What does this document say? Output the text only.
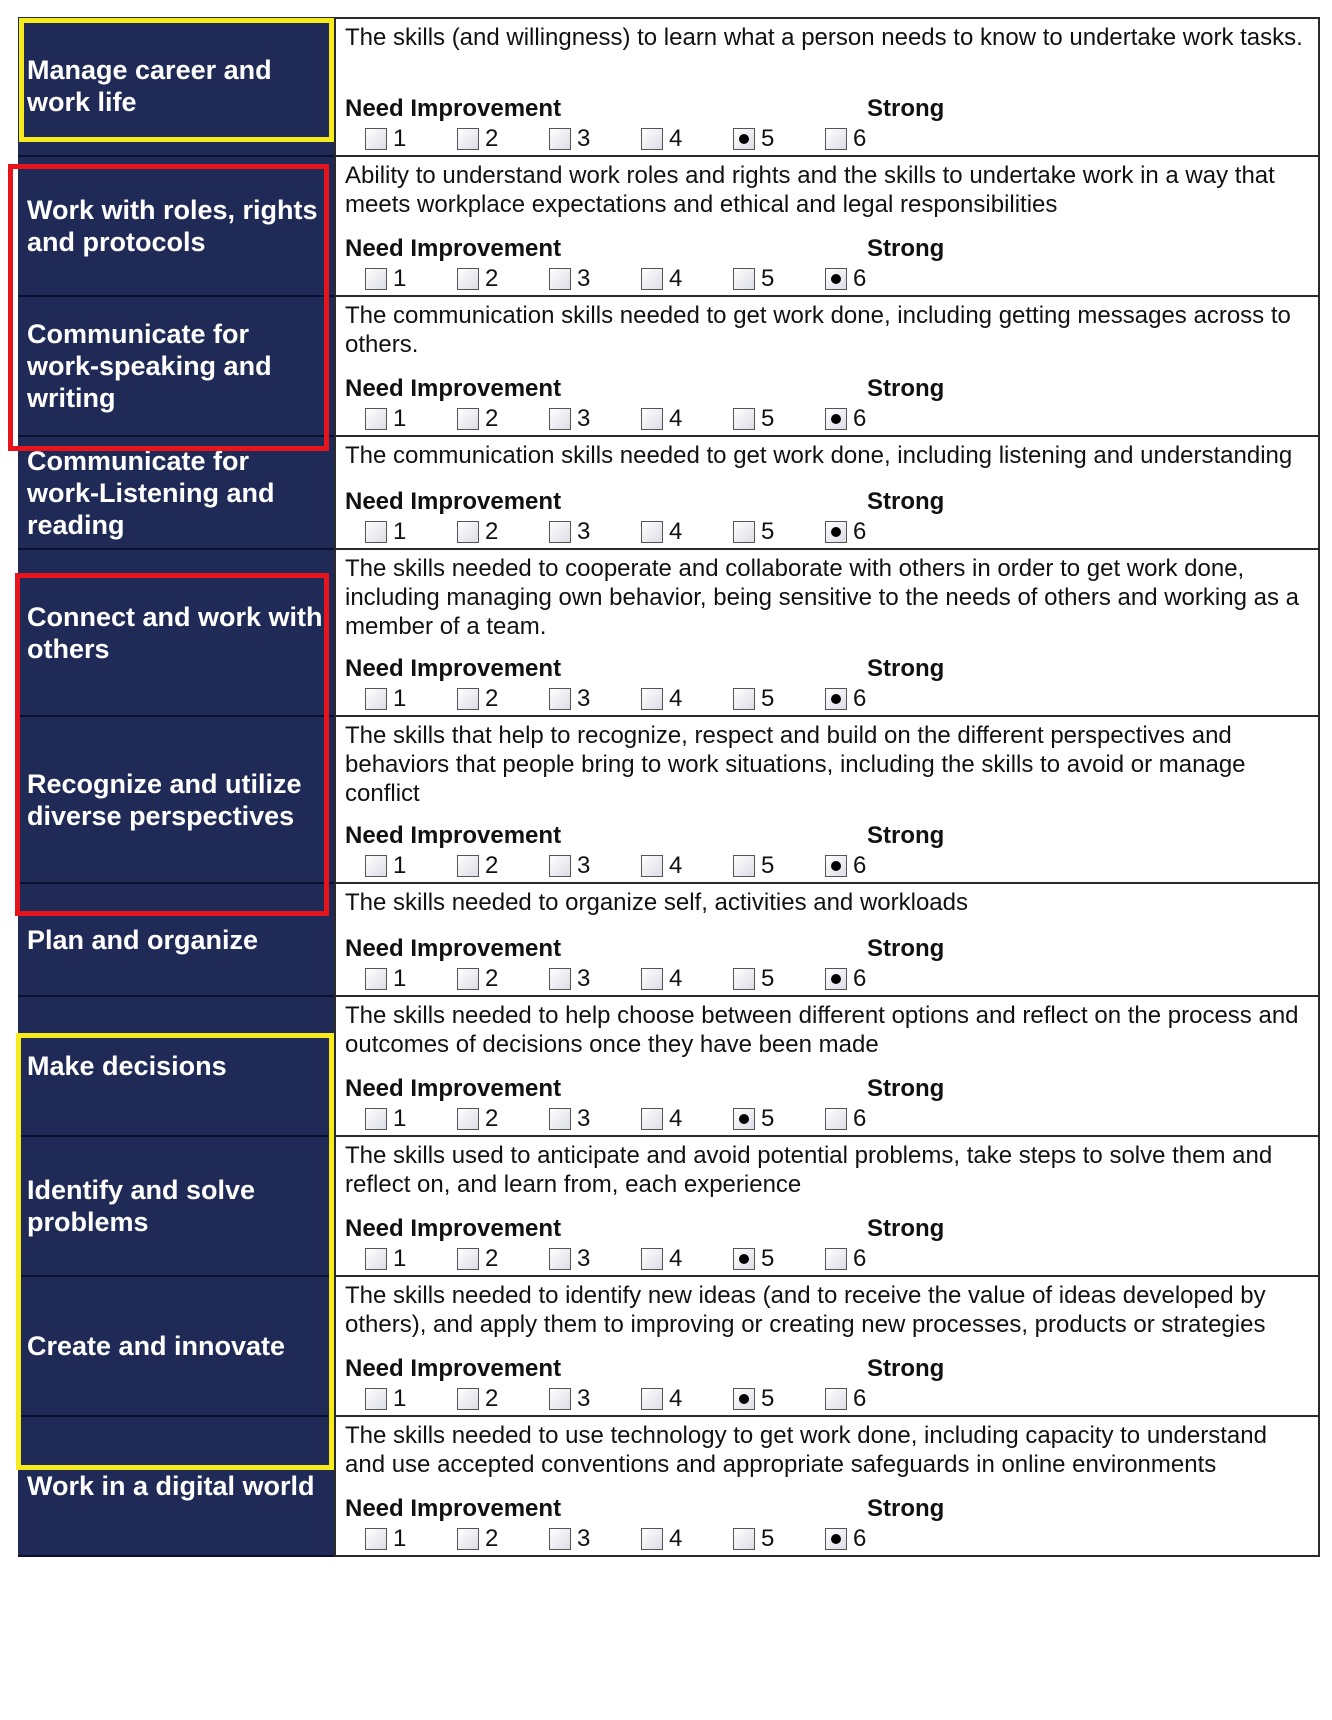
Manage career and work life
The skills (and willingness) to learn what a person needs to know to undertake work tasks.
Need Improvement	Strong
1	2	3	4	5	6
Work with roles, rights and protocols
Ability to understand work roles and rights and the skills to undertake work in a way that meets workplace expectations and ethical and legal responsibilities
Need Improvement	Strong
1	2	3	4	5	6
Communicate for work-speaking and writing
The communication skills needed to get work done, including getting messages across to others.
Need Improvement	Strong
1	2	3	4	5	6
Communicate for work-Listening and reading
The communication skills needed to get work done, including listening and understanding
Need Improvement	Strong
1	2	3	4	5	6
Connect and work with others
The skills needed to cooperate and collaborate with others in order to get work done, including managing own behavior, being sensitive to the needs of others and working as a member of a team.
Need Improvement	Strong
1	2	3	4	5	6
Recognize and utilize diverse perspectives
The skills that help to recognize, respect and build on the different perspectives and behaviors that people bring to work situations, including the skills to avoid or manage conflict
Need Improvement	Strong
1	2	3	4	5	6
Plan and organize
The skills needed to organize self, activities and workloads
Need Improvement	Strong
1	2	3	4	5	6
Make decisions
The skills needed to help choose between different options and reflect on the process and outcomes of decisions once they have been made
Need Improvement	Strong
1	2	3	4	5	6
Identify and solve problems
The skills used to anticipate and avoid potential problems, take steps to solve them and reflect on, and learn from, each experience
Need Improvement	Strong
1	2	3	4	5	6
Create and innovate
The skills needed to identify new ideas (and to receive the value of ideas developed by others), and apply them to improving or creating new processes, products or strategies
Need Improvement	Strong
1	2	3	4	5	6
Work in a digital world
The skills needed to use technology to get work done, including capacity to understand and use accepted conventions and appropriate safeguards in online environments
Need Improvement	Strong
1	2	3	4	5	6
